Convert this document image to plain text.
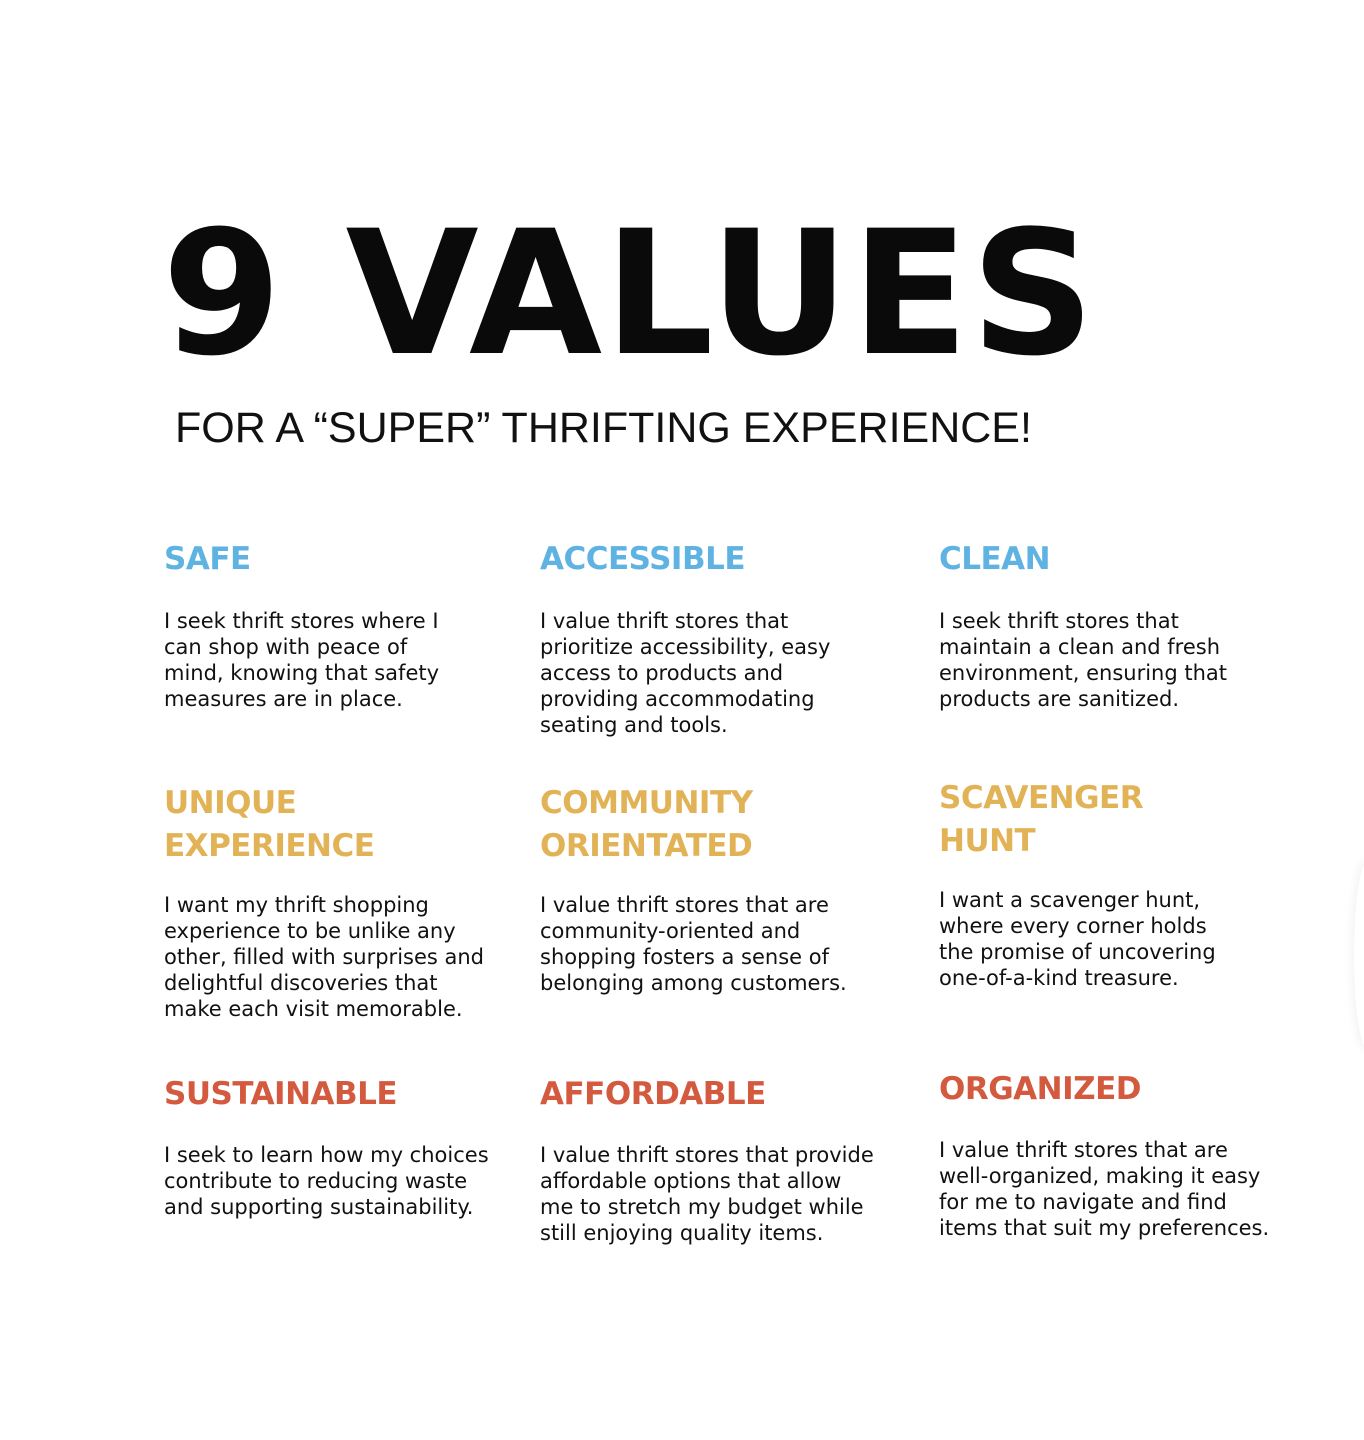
9 VALUES
FOR A “SUPER” THRIFTING EXPERIENCE!
SAFE

I seek thrift stores where I
can shop with peace of
mind, knowing that safety
measures are in place.

ACCESSIBLE

I value thrift stores that
prioritize accessibility, easy
access to products and
providing accommodating
seating and tools.

CLEAN

I seek thrift stores that
maintain a clean and fresh
environment, ensuring that
products are sanitized.

UNIQUE
EXPERIENCE

I want my thrift shopping
experience to be unlike any
other, filled with surprises and
delightful discoveries that
make each visit memorable.

COMMUNITY
ORIENTATED

I value thrift stores that are
community-oriented and
shopping fosters a sense of
belonging among customers.

SCAVENGER
HUNT

I want a scavenger hunt,
where every corner holds
the promise of uncovering
one-of-a-kind treasure.

SUSTAINABLE

I seek to learn how my choices
contribute to reducing waste
and supporting sustainability.

AFFORDABLE

I value thrift stores that provide
affordable options that allow
me to stretch my budget while
still enjoying quality items.

ORGANIZED

I value thrift stores that are
well-organized, making it easy
for me to navigate and find
items that suit my preferences.
